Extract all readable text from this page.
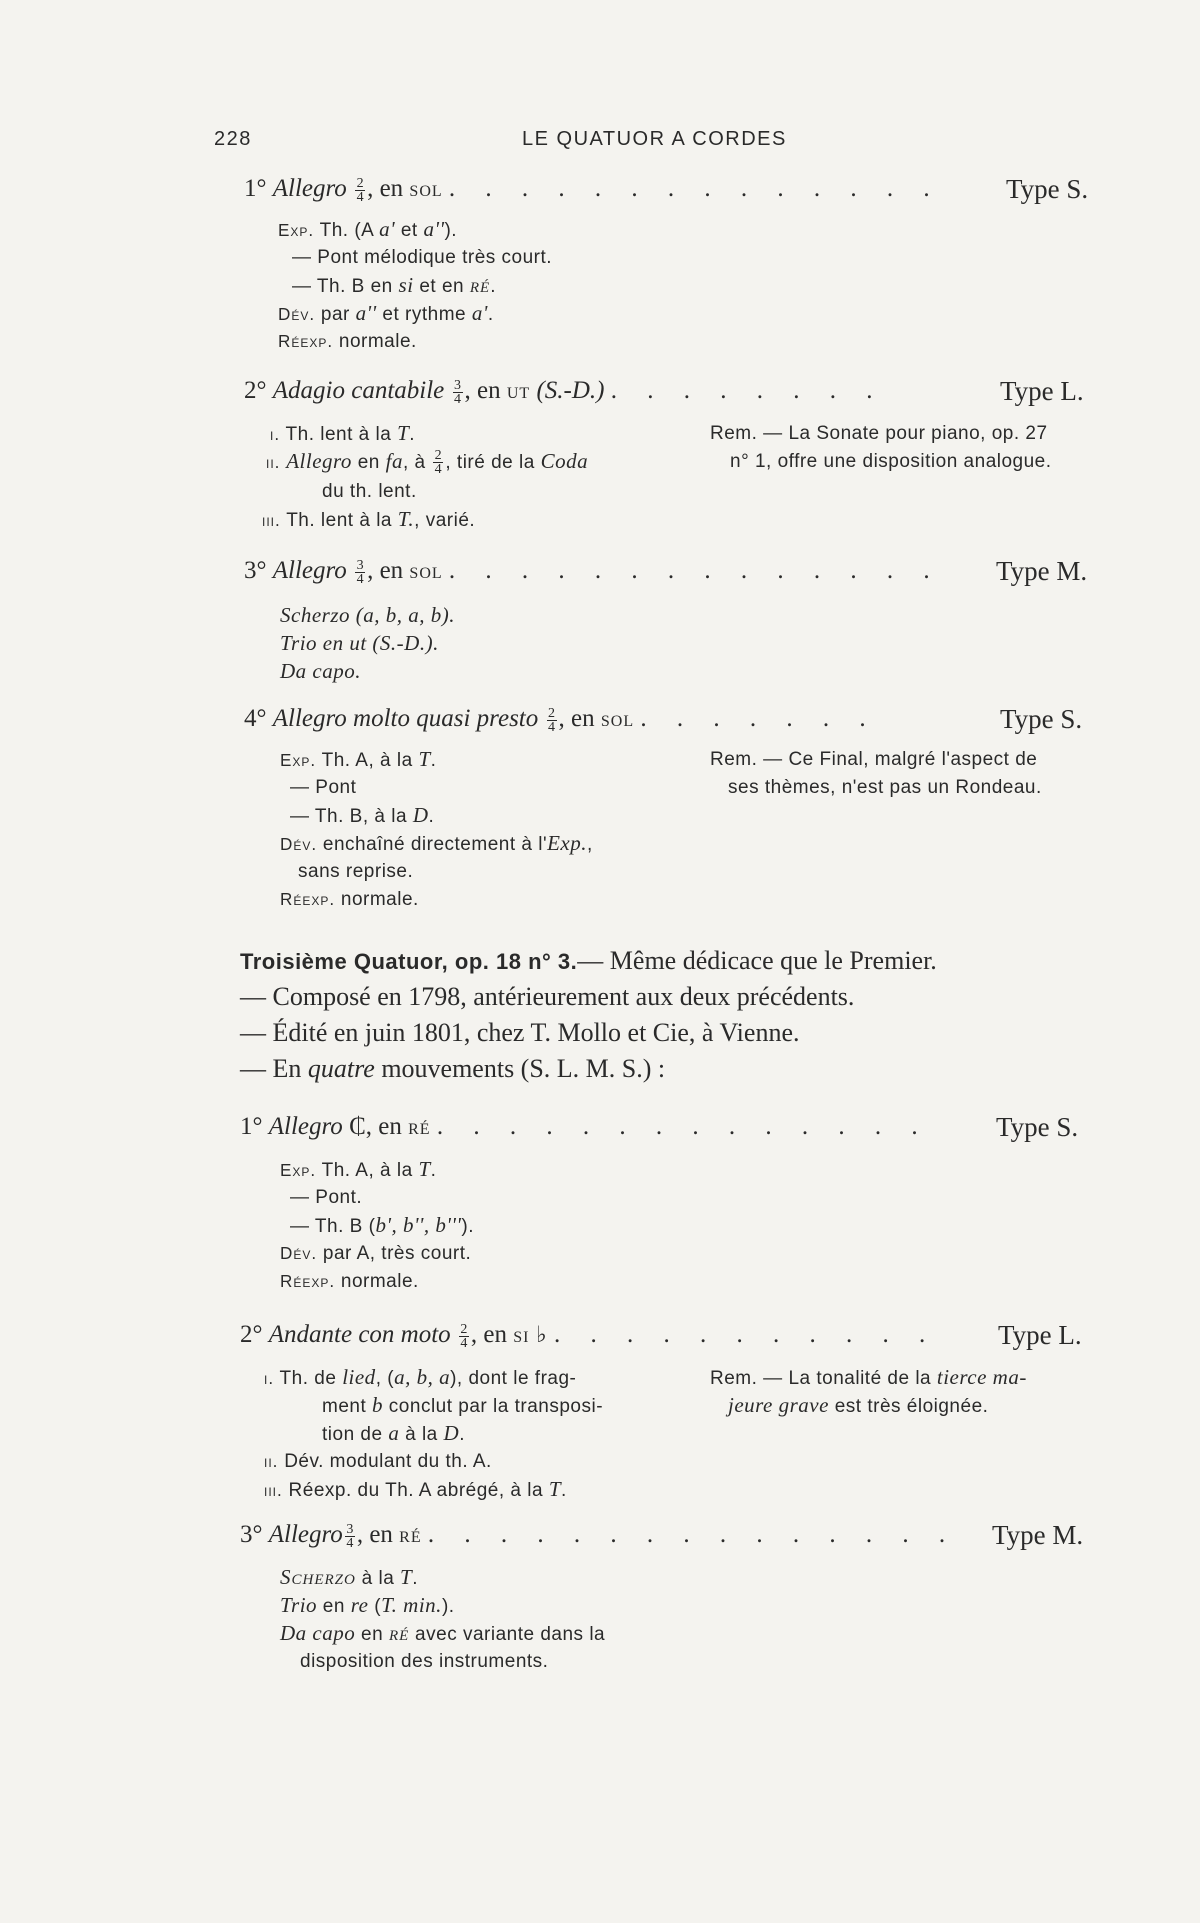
228	LE QUATUOR A CORDES
1° Allegro $\frac{2}{4}$ , en sol . . . . . . . . . . . . . . Type S.
Exp. Th. (A a' et a'').
— Pont mélodique très court.
— Th. B en si et en ré.
Dév. par a'' et rythme a'.
Réexp. normale.
2° Adagio cantabile $\frac{3}{4}$ , en ut (S.-D.) . . . . . . . .	Type L.
i. Th. lent à la T.
ii. Allegro en fa, à $\frac{2}{4}$ , tiré de la Coda
du th. lent.
iii. Th. lent à la T., varié.
Rem. — La Sonate pour piano, op. 27
n° 1, offre une disposition analogue.
3° Allegro $\frac{3}{4}$ , en sol . . . . . . . . . . . . . . Type M.
Scherzo (a, b, a, b).
Trio en ut (S.-D.).
Da capo.
4° Allegro molto quasi presto $\frac{2}{4}$ , en sol . . . . . . .	Type S.
Exp. Th. A, à la T.
— Pont
— Th. B, à la D.
Dév. enchaîné directement à l'Exp.,
sans reprise.
Réexp. normale.
Rem. — Ce Final, malgré l'aspect de
ses thèmes, n'est pas un Rondeau.
Troisième Quatuor, op. 18 n° 3.— Même dédicace que le Premier.
— Composé en 1798, antérieurement aux deux précédents.
— Édité en juin 1801, chez T. Mollo et Cie, à Vienne.
— En quatre mouvements (S. L. M. S.) :
1° Allegro ₵, en ré . . . . . . . . . . . . . . Type S.
Exp. Th. A, à la T.
— Pont.
— Th. B (b', b'', b''').
Dév. par A, très court.
Réexp. normale.
2° Andante con moto $\frac{2}{4}$ , en si ♭ . . . . . . . . . . . Type L.
i. Th. de lied, (a, b, a), dont le frag-
ment b conclut par la transposi-
tion de a à la D.
ii. Dév. modulant du th. A.
iii. Réexp. du Th. A abrégé, à la T.
Rem. — La tonalité de la tierce ma-
jeure grave est très éloignée.
3° Allegro $\frac{3}{4}$ , en ré . . . . . . . . . . . . . . . Type M.
Scherzo à la T.
Trio en re (T. min.).
Da capo en ré avec variante dans la
disposition des instruments.
